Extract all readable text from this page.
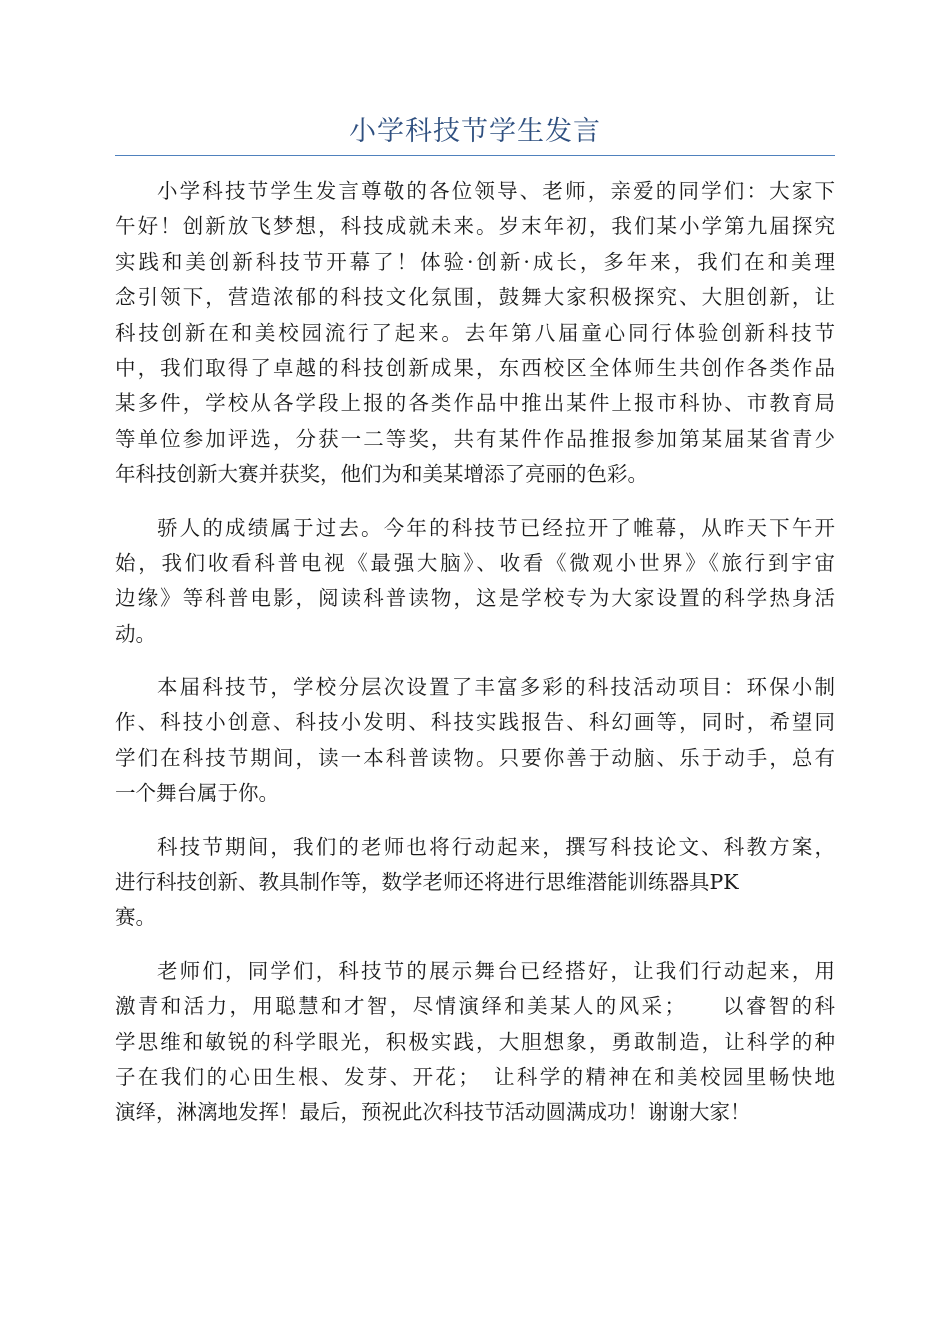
小学科技节学生发言

小学科技节学生发言尊敬的各位领导、老师，亲爱的同学们：大家下
午好！创新放飞梦想，科技成就未来。岁末年初，我们某小学第九届探究
实践和美创新科技节开幕了！体验·创新·成长，多年来，我们在和美理
念引领下，营造浓郁的科技文化氛围，鼓舞大家积极探究、大胆创新，让
科技创新在和美校园流行了起来。去年第八届童心同行体验创新科技节
中，我们取得了卓越的科技创新成果，东西校区全体师生共创作各类作品
某多件，学校从各学段上报的各类作品中推出某件上报市科协、市教育局
等单位参加评选，分获一二等奖，共有某件作品推报参加第某届某省青少
年科技创新大赛并获奖，他们为和美某增添了亮丽的色彩。

骄人的成绩属于过去。今年的科技节已经拉开了帷幕，从昨天下午开
始，我们收看科普电视《最强大脑》、收看《微观小世界》《旅行到宇宙
边缘》等科普电影，阅读科普读物，这是学校专为大家设置的科学热身活
动。

本届科技节，学校分层次设置了丰富多彩的科技活动项目：环保小制
作、科技小创意、科技小发明、科技实践报告、科幻画等，同时，希望同
学们在科技节期间，读一本科普读物。只要你善于动脑、乐于动手，总有
一个舞台属于你。

科技节期间，我们的老师也将行动起来，撰写科技论文、科教方案，
进行科技创新、教具制作等，数学老师还将进行思维潜能训练器具PK
赛。

老师们，同学们，科技节的展示舞台已经搭好，让我们行动起来，用
激青和活力，用聪慧和才智，尽情演绎和美某人的风采；　　以睿智的科
学思维和敏锐的科学眼光，积极实践，大胆想象，勇敢制造，让科学的种
子在我们的心田生根、发芽、开花；　让科学的精神在和美校园里畅快地
演绎，淋漓地发挥！最后，预祝此次科技节活动圆满成功！谢谢大家！
